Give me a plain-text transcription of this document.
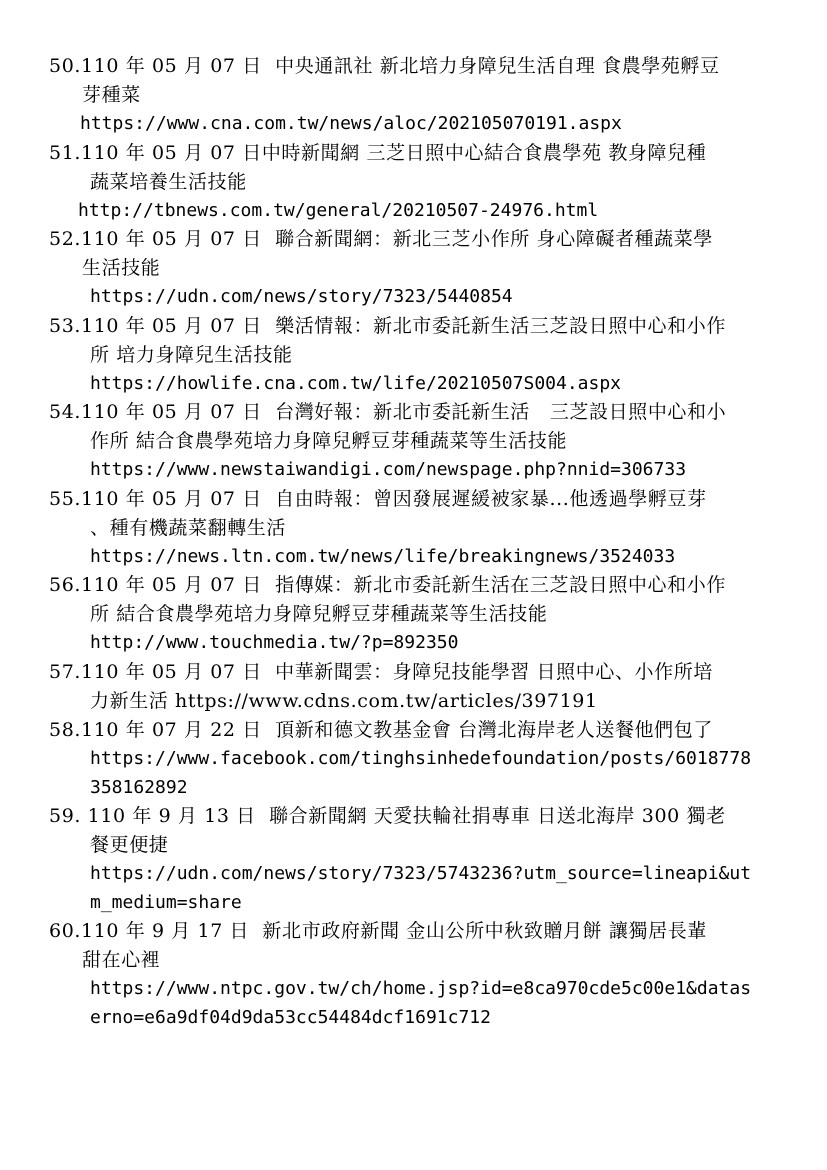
50.110 年 05 月 07 日  中央通訊社 新北培力身障兒生活自理 食農學苑孵豆
芽種菜
https://www.cna.com.tw/news/aloc/202105070191.aspx
51.110 年 05 月 07 日中時新聞網 三芝日照中心結合食農學苑 教身障兒種
蔬菜培養生活技能
http://tbnews.com.tw/general/20210507-24976.html
52.110 年 05 月 07 日  聯合新聞網：新北三芝小作所 身心障礙者種蔬菜學
生活技能
https://udn.com/news/story/7323/5440854
53.110 年 05 月 07 日  樂活情報：新北市委託新生活三芝設日照中心和小作
所 培力身障兒生活技能
https://howlife.cna.com.tw/life/20210507S004.aspx
54.110 年 05 月 07 日  台灣好報：新北市委託新生活   三芝設日照中心和小
作所 結合食農學苑培力身障兒孵豆芽種蔬菜等生活技能
https://www.newstaiwandigi.com/newspage.php?nnid=306733
55.110 年 05 月 07 日  自由時報：曾因發展遲緩被家暴...他透過學孵豆芽
、種有機蔬菜翻轉生活
https://news.ltn.com.tw/news/life/breakingnews/3524033
56.110 年 05 月 07 日  指傳媒：新北市委託新生活在三芝設日照中心和小作
所 結合食農學苑培力身障兒孵豆芽種蔬菜等生活技能
http://www.touchmedia.tw/?p=892350
57.110 年 05 月 07 日  中華新聞雲：身障兒技能學習 日照中心、小作所培
力新生活 https://www.cdns.com.tw/articles/397191
58.110 年 07 月 22 日  頂新和德文教基金會 台灣北海岸老人送餐他們包了
https://www.facebook.com/tinghsinhedefoundation/posts/6018778
358162892
59. 110 年 9 月 13 日  聯合新聞網 天愛扶輪社捐專車 日送北海岸 300 獨老
餐更便捷
https://udn.com/news/story/7323/5743236?utm_source=lineapi&ut
m_medium=share
60.110 年 9 月 17 日  新北市政府新聞 金山公所中秋致贈月餅 讓獨居長輩
甜在心裡
https://www.ntpc.gov.tw/ch/home.jsp?id=e8ca970cde5c00e1&datas
erno=e6a9df04d9da53cc54484dcf1691c712
